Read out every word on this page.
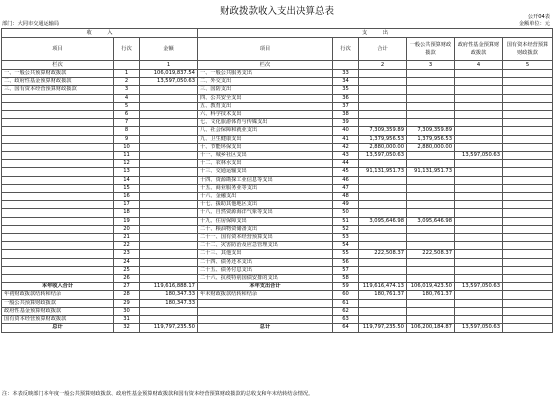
财政拨款收入支出决算总表	公开04表
部门：大同市交通运输局	金额单位：元
收　　　入			支　　　出					
项目	行次	金额	项目	行次	合计	一般公共预算财政拨款	政府性基金预算财政拨款	国有资本经营预算财政拨款
栏次		1	栏次		2	3	4	5
一、一般公共预算财政拨款	1	106,019,837.54	一、一般公共服务支出	33				
二、政府性基金预算财政拨款	2	13,597,050.63	二、外交支出	34				
三、国有资本经营预算财政拨款	3		三、国防支出	35				
	4		四、公共安全支出	36				
	5		五、教育支出	37				
	6		六、科学技术支出	38				
	7		七、文化旅游体育与传媒支出	39				
	8		八、社会保障和就业支出	40	7,309,359.89	7,309,359.89		
	9		九、卫生健康支出	41	1,379,956.53	1,379,956.53		
	10		十、节能环保支出	42	2,880,000.00	2,880,000.00		
	11		十一、城乡社区支出	43	13,597,050.63		13,597,050.63	
	12		十二、农林水支出	44				
	13		十三、交通运输支出	45	91,131,951.73	91,131,951.73		
	14		十四、资源勘探工业信息等支出	46				
	15		十五、商业服务业等支出	47				
	16		十六、金融支出	48				
	17		十七、援助其他地区支出	49				
	18		十八、自然资源海洋气象等支出	50				
	19		十九、住房保障支出	51	3,095,646.98	3,095,646.98		
	20		二十、粮油物资储备支出	52				
	21		二十一、国有资本经营预算支出	53				
	22		二十二、灾害防治及应急管理支出	54				
	23		二十三、其他支出	55	222,508.37	222,508.37		
	24		二十四、债务还本支出	56				
	25		二十五、债务付息支出	57				
	26		二十六、抗疫特别国债安排的支出	58				
本年收入合计	27	119,616,888.17	本年支出合计	59	119,616,474.13	106,019,423.50	13,597,050.63	
年初财政拨款结转和结余	28	180,347.33	年末财政拨款结转和结余	60	180,761.37	180,761.37		
一般公共预算财政拨款	29	180,347.33		61				
政府性基金预算财政拨款	30			62				
国有资本经营预算财政拨款	31			63				
总计	32	119,797,235.50	总计	64	119,797,235.50	106,200,184.87	13,597,050.63	
注：本表反映部门本年度一般公共预算财政拨款、政府性基金预算财政拨款和国有资本经营预算财政拨款的总收支和年末结转结余情况。
